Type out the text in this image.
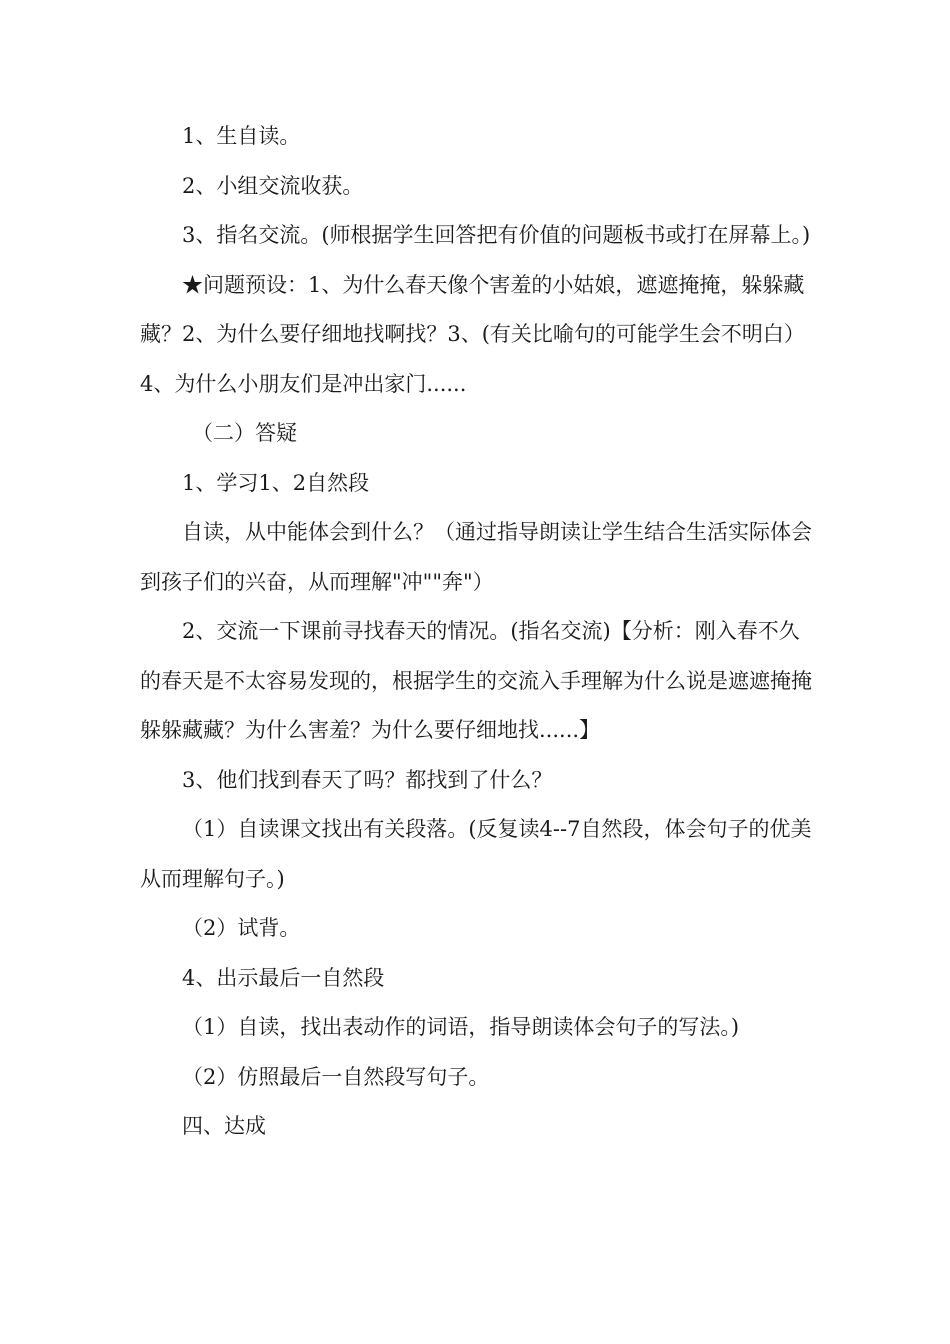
1、生自读。

2、小组交流收获。

3、指名交流。(师根据学生回答把有价值的问题板书或打在屏幕上。)

★问题预设：1、为什么春天像个害羞的小姑娘，遮遮掩掩，躲躲藏藏？2、为什么要仔细地找啊找？3、(有关比喻句的可能学生会不明白）4、为什么小朋友们是冲出家门......

（二）答疑

1、学习1、2自然段

自读，从中能体会到什么？（通过指导朗读让学生结合生活实际体会到孩子们的兴奋，从而理解"冲""奔"）

2、交流一下课前寻找春天的情况。(指名交流)【分析：刚入春不久的春天是不太容易发现的，根据学生的交流入手理解为什么说是遮遮掩掩躲躲藏藏？为什么害羞？为什么要仔细地找......】

3、他们找到春天了吗？都找到了什么？

（1）自读课文找出有关段落。(反复读4--7自然段，体会句子的优美从而理解句子。)

（2）试背。

4、出示最后一自然段

（1）自读，找出表动作的词语，指导朗读体会句子的写法。)

（2）仿照最后一自然段写句子。

四、达成
